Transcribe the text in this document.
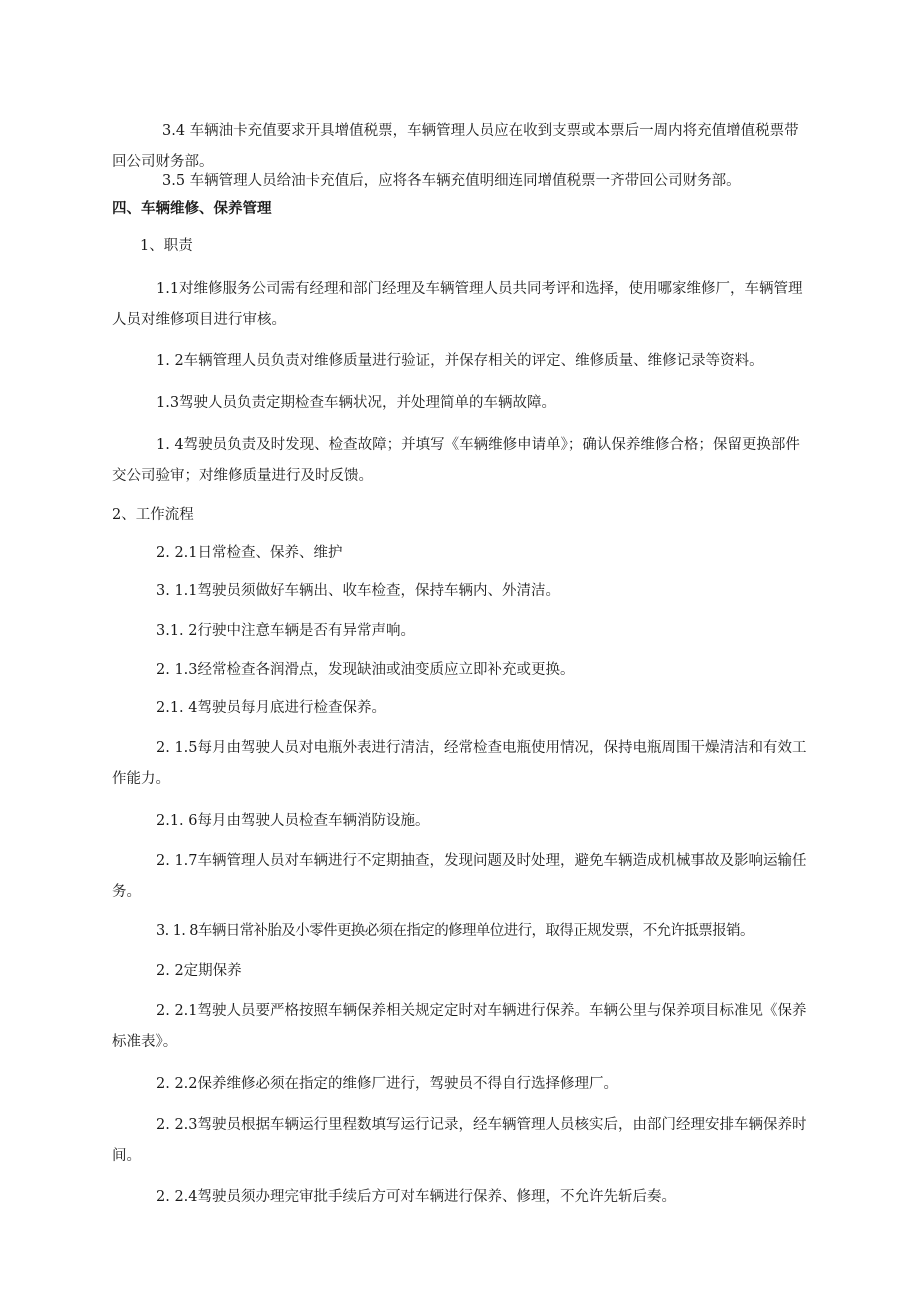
3.4 车辆油卡充值要求开具增值税票，车辆管理人员应在收到支票或本票后一周内将充值增值税票带回公司财务部。
3.5 车辆管理人员给油卡充值后，应将各车辆充值明细连同增值税票一齐带回公司财务部。
四、车辆维修、保养管理
1、职责
1.1对维修服务公司需有经理和部门经理及车辆管理人员共同考评和选择，使用哪家维修厂，车辆管理人员对维修项目进行审核。
1. 2车辆管理人员负责对维修质量进行验证，并保存相关的评定、维修质量、维修记录等资料。
1.3驾驶人员负责定期检查车辆状况，并处理简单的车辆故障。
1. 4驾驶员负责及时发现、检查故障；并填写《车辆维修申请单》；确认保养维修合格；保留更换部件交公司验审；对维修质量进行及时反馈。
2、工作流程
2. 2.1日常检查、保养、维护
3. 1.1驾驶员须做好车辆出、收车检查，保持车辆内、外清洁。
3.1. 2行驶中注意车辆是否有异常声响。
2. 1.3经常检查各润滑点，发现缺油或油变质应立即补充或更换。
2.1. 4驾驶员每月底进行检查保养。
2. 1.5每月由驾驶人员对电瓶外表进行清洁，经常检查电瓶使用情况，保持电瓶周围干燥清洁和有效工作能力。
2.1. 6每月由驾驶人员检查车辆消防设施。
2. 1.7车辆管理人员对车辆进行不定期抽查，发现问题及时处理，避免车辆造成机械事故及影响运输任务。
3. 1. 8车辆日常补胎及小零件更换必须在指定的修理单位进行，取得正规发票，不允许抵票报销。
2. 2定期保养
2. 2.1驾驶人员要严格按照车辆保养相关规定定时对车辆进行保养。车辆公里与保养项目标准见《保养标准表》。
2. 2.2保养维修必须在指定的维修厂进行，驾驶员不得自行选择修理厂。
2. 2.3驾驶员根据车辆运行里程数填写运行记录，经车辆管理人员核实后，由部门经理安排车辆保养时间。
2. 2.4驾驶员须办理完审批手续后方可对车辆进行保养、修理，不允许先斩后奏。
